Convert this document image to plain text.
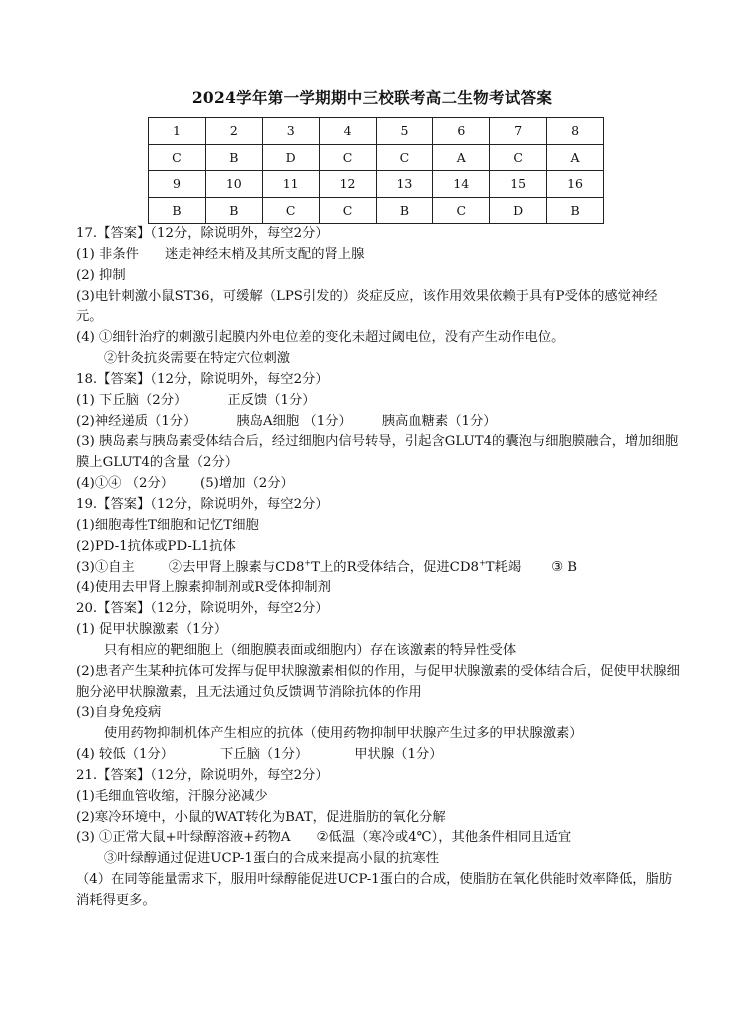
2024学年第一学期期中三校联考高二生物考试答案
1	2	3	4	5	6	7	8
C	B	D	C	C	A	C	A
9	10	11	12	13	14	15	16
B	B	C	C	B	C	D	B
17.【答案】（12分，除说明外，每空2分）
(1) 非条件 迷走神经末梢及其所支配的肾上腺
(2) 抑制
(3)电针刺激小鼠ST36，可缓解（LPS引发的）炎症反应，该作用效果依赖于具有P受体的感觉神经元。
(4) ①细针治疗的刺激引起膜内外电位差的变化未超过阈电位，没有产生动作电位。
②针灸抗炎需要在特定穴位刺激
18.【答案】（12分，除说明外，每空2分）
(1) 下丘脑（2分）	正反馈（1分）
(2)神经递质（1分）	胰岛A细胞 （1分） 胰高血糖素（1分）
(3) 胰岛素与胰岛素受体结合后，经过细胞内信号转导，引起含GLUT4的囊泡与细胞膜融合，增加细胞膜上GLUT4的含量（2分）
(4)①④ （2分） (5)增加（2分）
19.【答案】（12分，除说明外，每空2分）
(1)细胞毒性T细胞和记忆T细胞
(2)PD-1抗体或PD-L1抗体
(3)①自主	②去甲肾上腺素与CD8+T上的R受体结合，促进CD8+T耗竭 ③ B
(4)使用去甲肾上腺素抑制剂或R受体抑制剂
20.【答案】（12分，除说明外，每空2分）
(1) 促甲状腺激素（1分）
只有相应的靶细胞上（细胞膜表面或细胞内）存在该激素的特异性受体
(2)患者产生某种抗体可发挥与促甲状腺激素相似的作用，与促甲状腺激素的受体结合后，促使甲状腺细胞分泌甲状腺激素，且无法通过负反馈调节消除抗体的作用
(3)自身免疫病
使用药物抑制机体产生相应的抗体（使用药物抑制甲状腺产生过多的甲状腺激素）
(4) 较低（1分）	下丘脑（1分）	甲状腺（1分）
21.【答案】（12分，除说明外，每空2分）
(1)毛细血管收缩，汗腺分泌减少
(2)寒冷环境中，小鼠的WAT转化为BAT，促进脂肪的氧化分解
(3) ①正常大鼠+叶绿醇溶液+药物A ②低温（寒冷或4℃），其他条件相同且适宜
③叶绿醇通过促进UCP-1蛋白的合成来提高小鼠的抗寒性
（4）在同等能量需求下，服用叶绿醇能促进UCP-1蛋白的合成，使脂肪在氧化供能时效率降低，脂肪消耗得更多。
